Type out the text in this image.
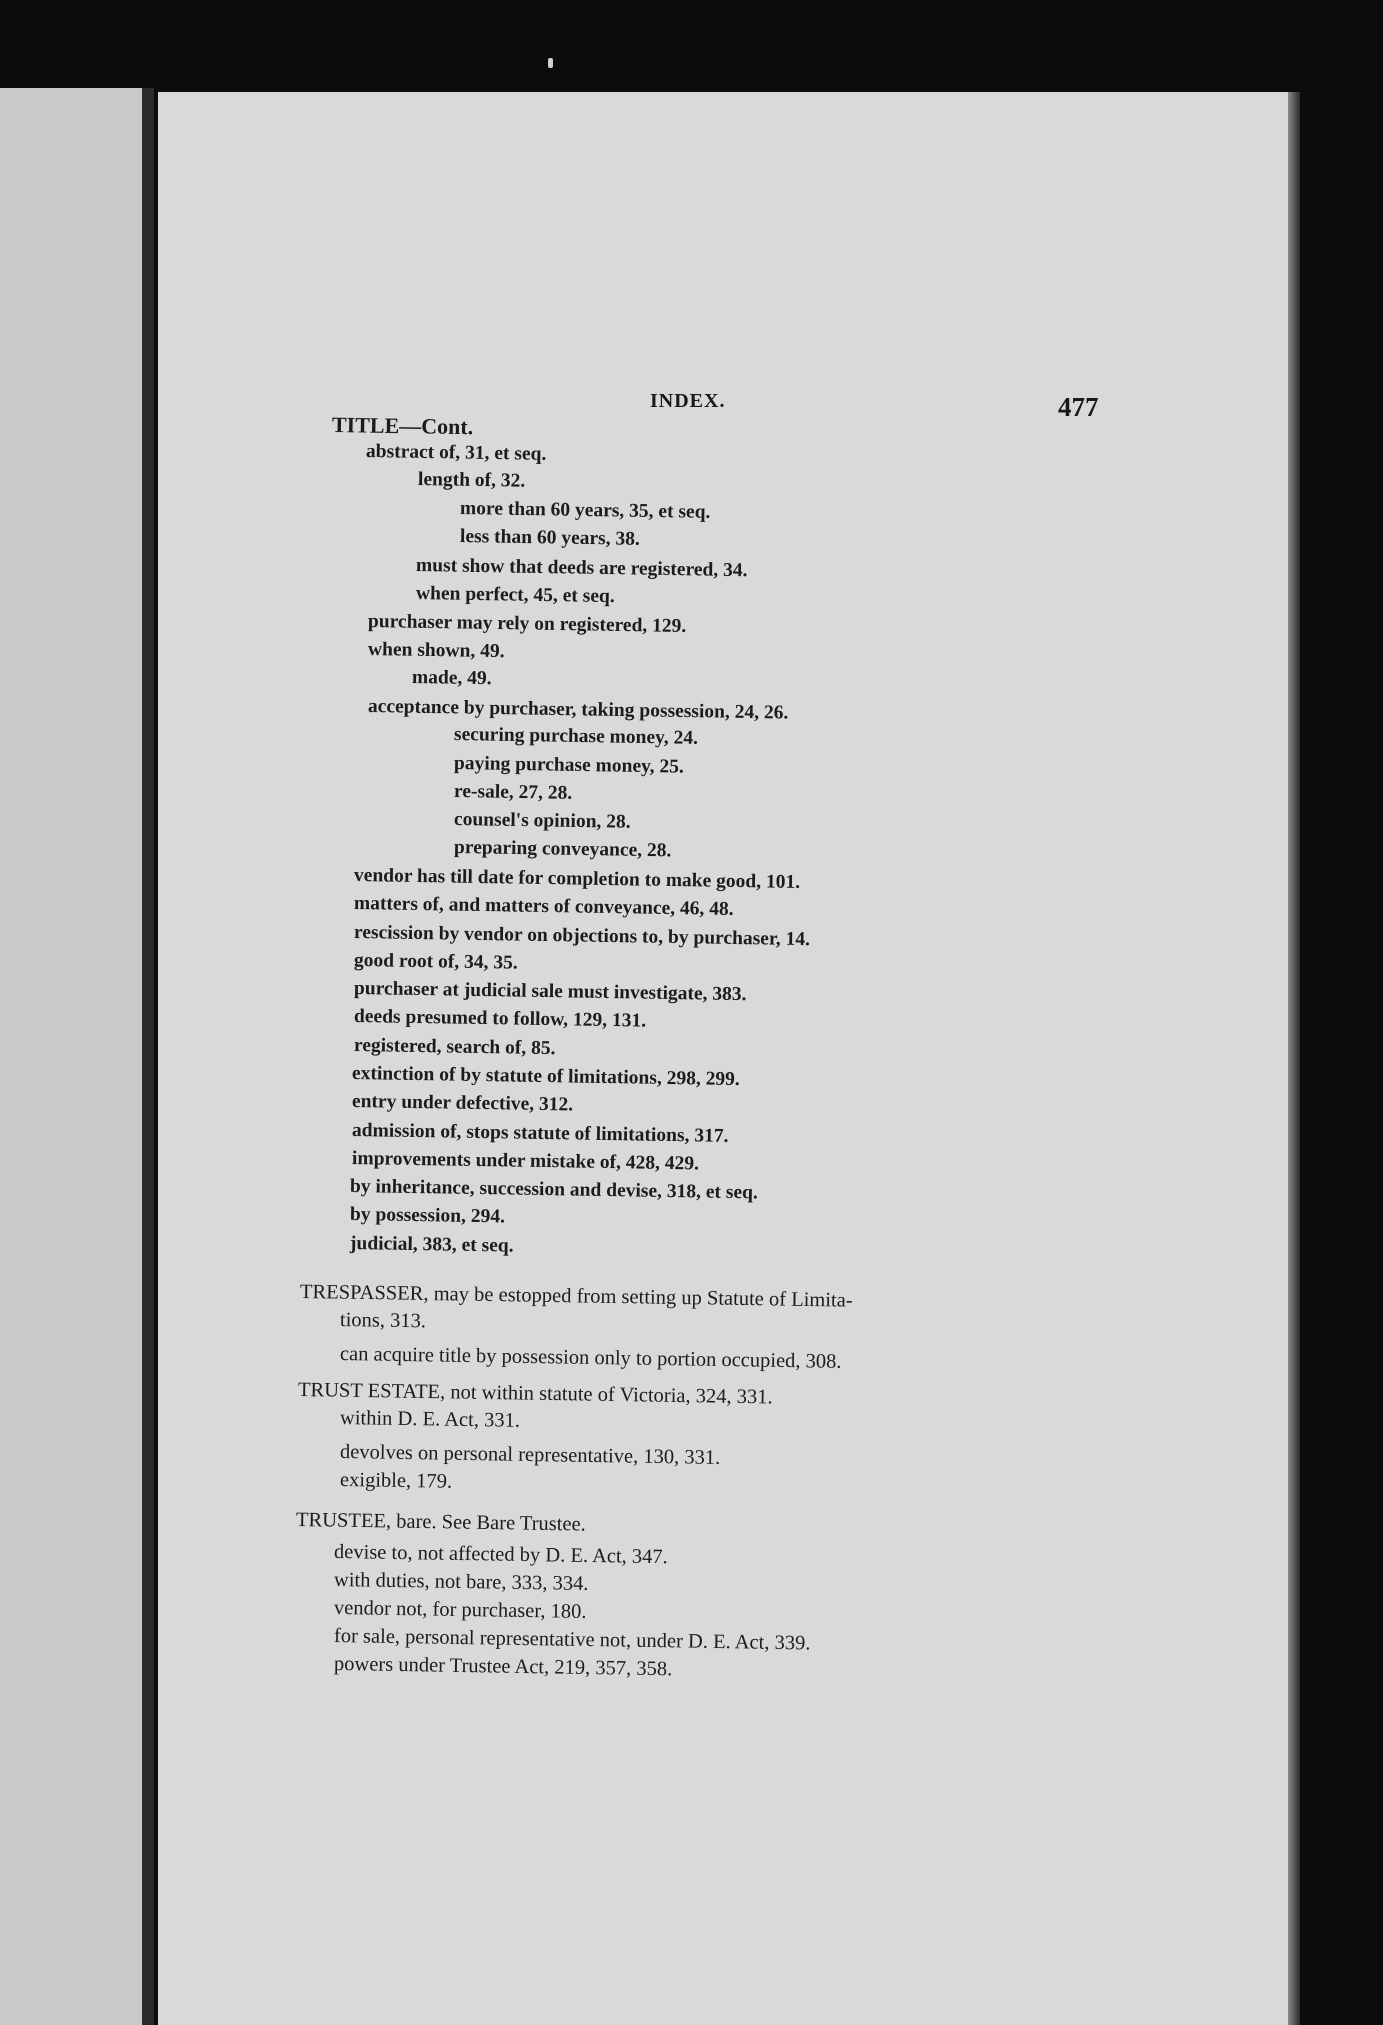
INDEX.	477
TITLE—Cont.
abstract of, 31, et seq.
length of, 32.
more than 60 years, 35, et seq.
less than 60 years, 38.
must show that deeds are registered, 34.
when perfect, 45, et seq.
purchaser may rely on registered, 129.
when shown, 49.
made, 49.
acceptance by purchaser, taking possession, 24, 26.
securing purchase money, 24.
paying purchase money, 25.
re-sale, 27, 28.
counsel's opinion, 28.
preparing conveyance, 28.
vendor has till date for completion to make good, 101.
matters of, and matters of conveyance, 46, 48.
rescission by vendor on objections to, by purchaser, 14.
good root of, 34, 35.
purchaser at judicial sale must investigate, 383.
deeds presumed to follow, 129, 131.
registered, search of, 85.
extinction of by statute of limitations, 298, 299.
entry under defective, 312.
admission of, stops statute of limitations, 317.
improvements under mistake of, 428, 429.
by inheritance, succession and devise, 318, et seq.
by possession, 294.
judicial, 383, et seq.
TRESPASSER, may be estopped from setting up Statute of Limita-
tions, 313.
can acquire title by possession only to portion occupied, 308.
TRUST ESTATE, not within statute of Victoria, 324, 331.
within D. E. Act, 331.
devolves on personal representative, 130, 331.
exigible, 179.
TRUSTEE, bare. See Bare Trustee.
devise to, not affected by D. E. Act, 347.
with duties, not bare, 333, 334.
vendor not, for purchaser, 180.
for sale, personal representative not, under D. E. Act, 339.
powers under Trustee Act, 219, 357, 358.
